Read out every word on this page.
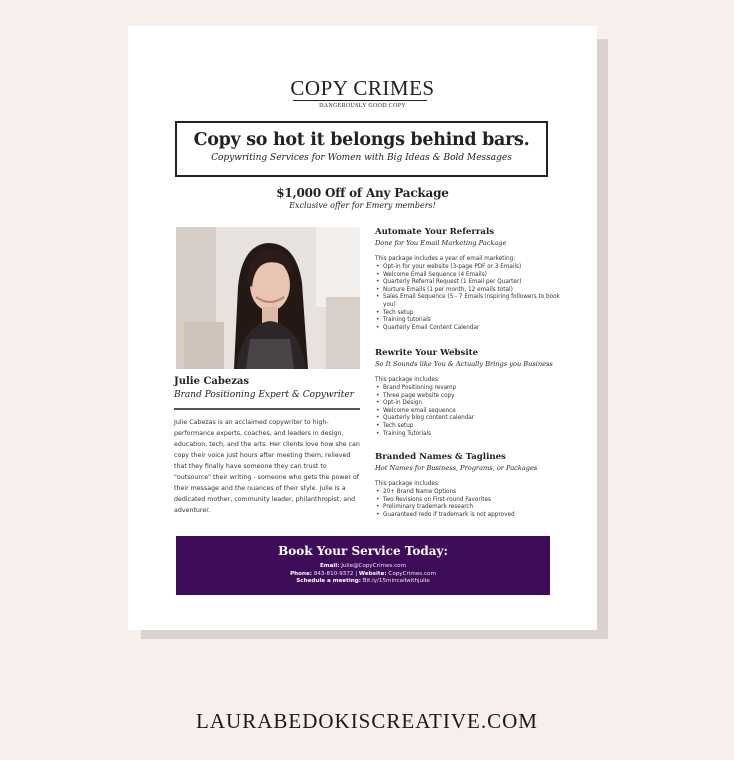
COPY CRIMES
DANGEROUSLY GOOD COPY
Copy so hot it belongs behind bars.
Copywriting Services for Women with Big Ideas & Bold Messages
$1,000 Off of Any Package
Exclusive offer for Emery members!
Julie Cabezas
Brand Positioning Expert & Copywriter
Julie Cabezas is an acclaimed copywriter to high-performance experts, coaches, and leaders in design, education, tech, and the arts. Her clients love how she can copy their voice just hours after meeting them, relieved that they finally have someone they can trust to "outsource" their writing - someone who gets the power of their message and the nuances of their style. Julie is a dedicated mother, community leader, philanthropist, and adventurer.
Automate Your Referrals
Done for You Email Marketing Package
This package includes a year of email marketing:
• Opt-in for your website (3-page PDF or 3 Emails)
• Welcome Email Sequence (4 Emails)
• Quarterly Referral Request (1 Email per Quarter)
• Nurture Emails (1 per month, 12 emails total)
• Sales Email Sequence (5 - 7 Emails inspiring followers to book you)
• Tech setup
• Training tutorials
• Quarterly Email Content Calendar
Rewrite Your Website
So It Sounds like You & Actually Brings you Business
This package includes:
• Brand Positioning revamp
• Three page website copy
• Opt-in Design
• Welcome email sequence
• Quarterly blog content calendar
• Tech setup
• Training Tutorials
Branded Names & Taglines
Hot Names for Business, Programs, or Packages
This package includes:
• 20+ Brand Name Options
• Two Revisions on First-round Favorites
• Preliminary trademark research
• Guaranteed redo if trademark is not approved
Book Your Service Today:
Email: Julie@CopyCrimes.com
Phone: 843-810-9372 | Website: CopyCrimes.com
Schedule a meeting: Bit.ly/15mincallwithjulie
LAURABEDOKISCREATIVE.COM
